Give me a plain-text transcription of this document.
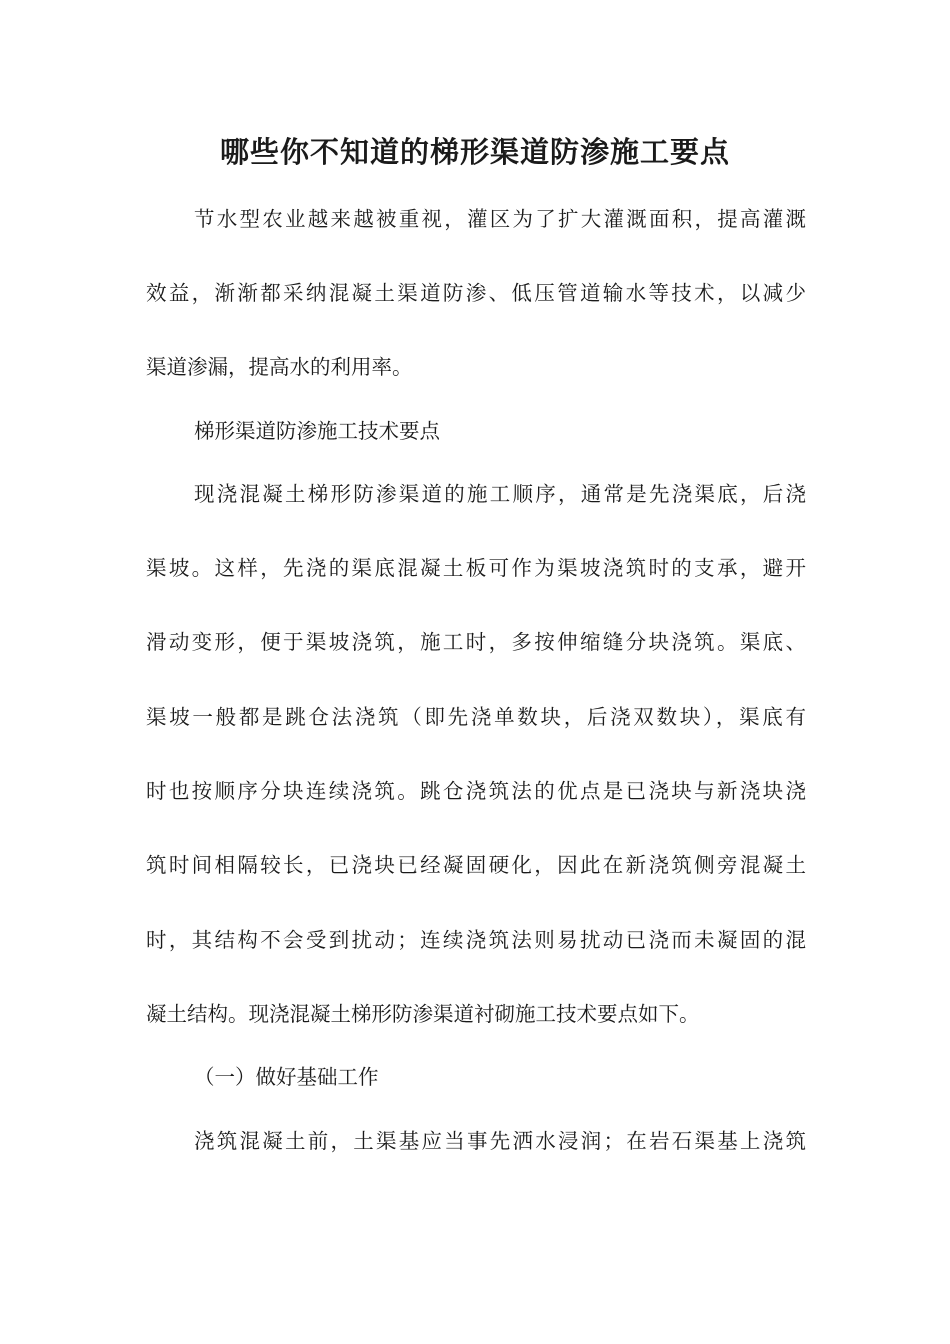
哪些你不知道的梯形渠道防渗施工要点

节水型农业越来越被重视，灌区为了扩大灌溉面积，提高灌溉

效益，渐渐都采纳混凝土渠道防渗、低压管道输水等技术，以减少

渠道渗漏，提高水的利用率。

梯形渠道防渗施工技术要点

现浇混凝土梯形防渗渠道的施工顺序，通常是先浇渠底，后浇

渠坡。这样，先浇的渠底混凝土板可作为渠坡浇筑时的支承，避开

滑动变形，便于渠坡浇筑，施工时，多按伸缩缝分块浇筑。渠底、

渠坡一般都是跳仓法浇筑（即先浇单数块，后浇双数块），渠底有

时也按顺序分块连续浇筑。跳仓浇筑法的优点是已浇块与新浇块浇

筑时间相隔较长，已浇块已经凝固硬化，因此在新浇筑侧旁混凝土

时，其结构不会受到扰动；连续浇筑法则易扰动已浇而未凝固的混

凝土结构。现浇混凝土梯形防渗渠道衬砌施工技术要点如下。

（一）做好基础工作

浇筑混凝土前，土渠基应当事先洒水浸润；在岩石渠基上浇筑
